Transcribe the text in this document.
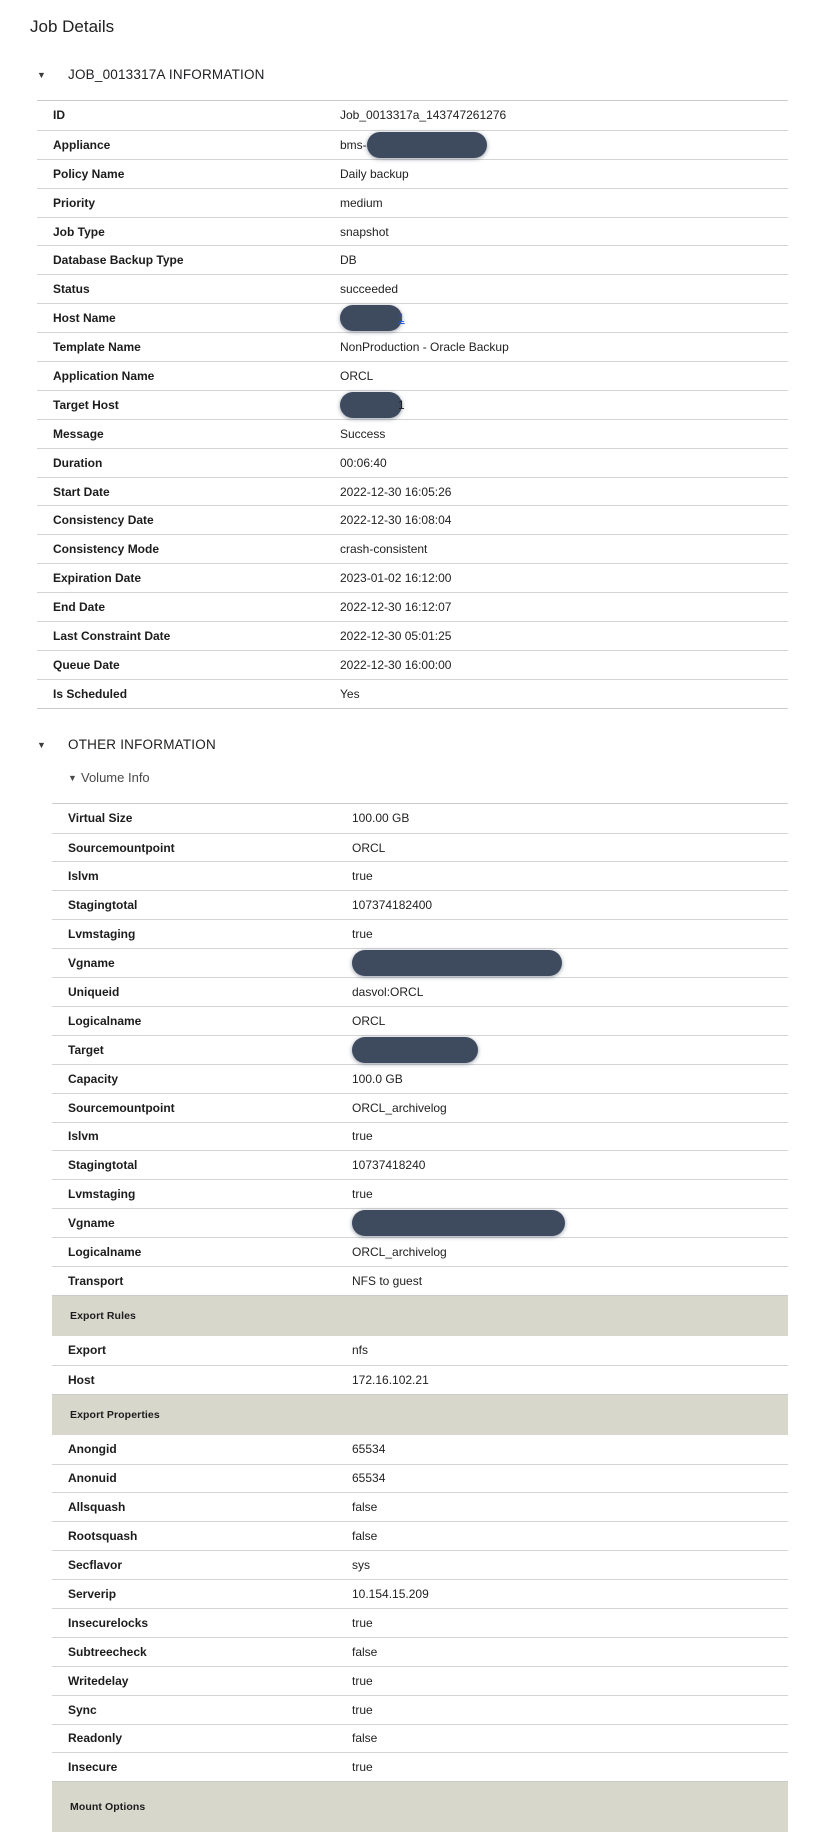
Job Details
▼ JOB_0013317A INFORMATION
ID	Job_0013317a_143747261276
Appliance	bms-
Policy Name	Daily backup
Priority	medium
Job Type	snapshot
Database Backup Type	DB
Status	succeeded
Host Name	1
Template Name	NonProduction - Oracle Backup
Application Name	ORCL
Target Host	1
Message	Success
Duration	00:06:40
Start Date	2022-12-30 16:05:26
Consistency Date	2022-12-30 16:08:04
Consistency Mode	crash-consistent
Expiration Date	2023-01-02 16:12:00
End Date	2022-12-30 16:12:07
Last Constraint Date	2022-12-30 05:01:25
Queue Date	2022-12-30 16:00:00
Is Scheduled	Yes
▼ OTHER INFORMATION
▼ Volume Info
Virtual Size	100.00 GB
Sourcemountpoint	ORCL
Islvm	true
Stagingtotal	107374182400
Lvmstaging	true
Vgname
Uniqueid	dasvol:ORCL
Logicalname	ORCL
Target
Capacity	100.0 GB
Sourcemountpoint	ORCL_archivelog
Islvm	true
Stagingtotal	10737418240
Lvmstaging	true
Vgname
Logicalname	ORCL_archivelog
Transport	NFS to guest
Export Rules
Export	nfs
Host	172.16.102.21
Export Properties
Anongid	65534
Anonuid	65534
Allsquash	false
Rootsquash	false
Secflavor	sys
Serverip	10.154.15.209
Insecurelocks	true
Subtreecheck	false
Writedelay	true
Sync	true
Readonly	false
Insecure	true
Mount Options
